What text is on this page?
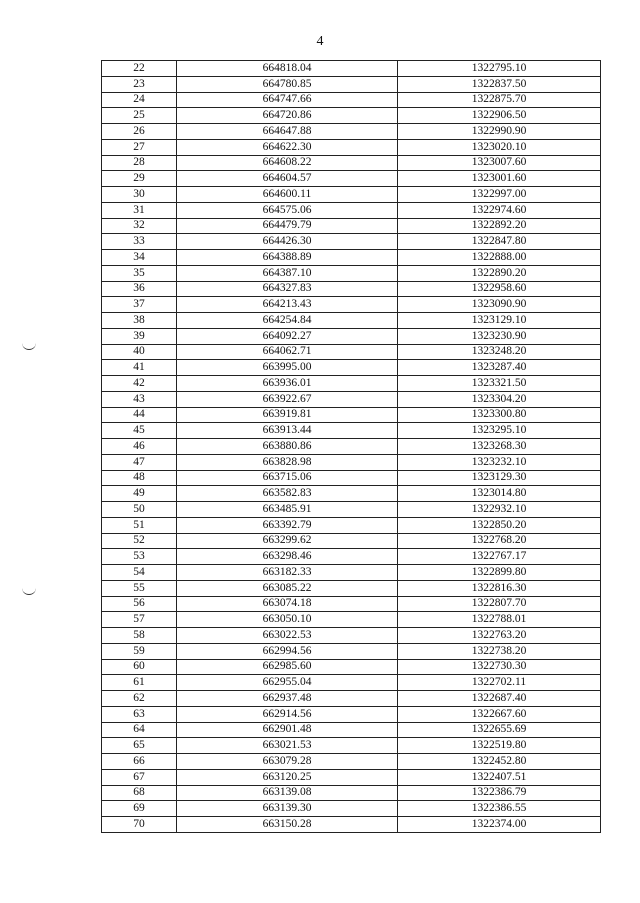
4
22	664818.04	1322795.10
23	664780.85	1322837.50
24	664747.66	1322875.70
25	664720.86	1322906.50
26	664647.88	1322990.90
27	664622.30	1323020.10
28	664608.22	1323007.60
29	664604.57	1323001.60
30	664600.11	1322997.00
31	664575.06	1322974.60
32	664479.79	1322892.20
33	664426.30	1322847.80
34	664388.89	1322888.00
35	664387.10	1322890.20
36	664327.83	1322958.60
37	664213.43	1323090.90
38	664254.84	1323129.10
39	664092.27	1323230.90
40	664062.71	1323248.20
41	663995.00	1323287.40
42	663936.01	1323321.50
43	663922.67	1323304.20
44	663919.81	1323300.80
45	663913.44	1323295.10
46	663880.86	1323268.30
47	663828.98	1323232.10
48	663715.06	1323129.30
49	663582.83	1323014.80
50	663485.91	1322932.10
51	663392.79	1322850.20
52	663299.62	1322768.20
53	663298.46	1322767.17
54	663182.33	1322899.80
55	663085.22	1322816.30
56	663074.18	1322807.70
57	663050.10	1322788.01
58	663022.53	1322763.20
59	662994.56	1322738.20
60	662985.60	1322730.30
61	662955.04	1322702.11
62	662937.48	1322687.40
63	662914.56	1322667.60
64	662901.48	1322655.69
65	663021.53	1322519.80
66	663079.28	1322452.80
67	663120.25	1322407.51
68	663139.08	1322386.79
69	663139.30	1322386.55
70	663150.28	1322374.00
